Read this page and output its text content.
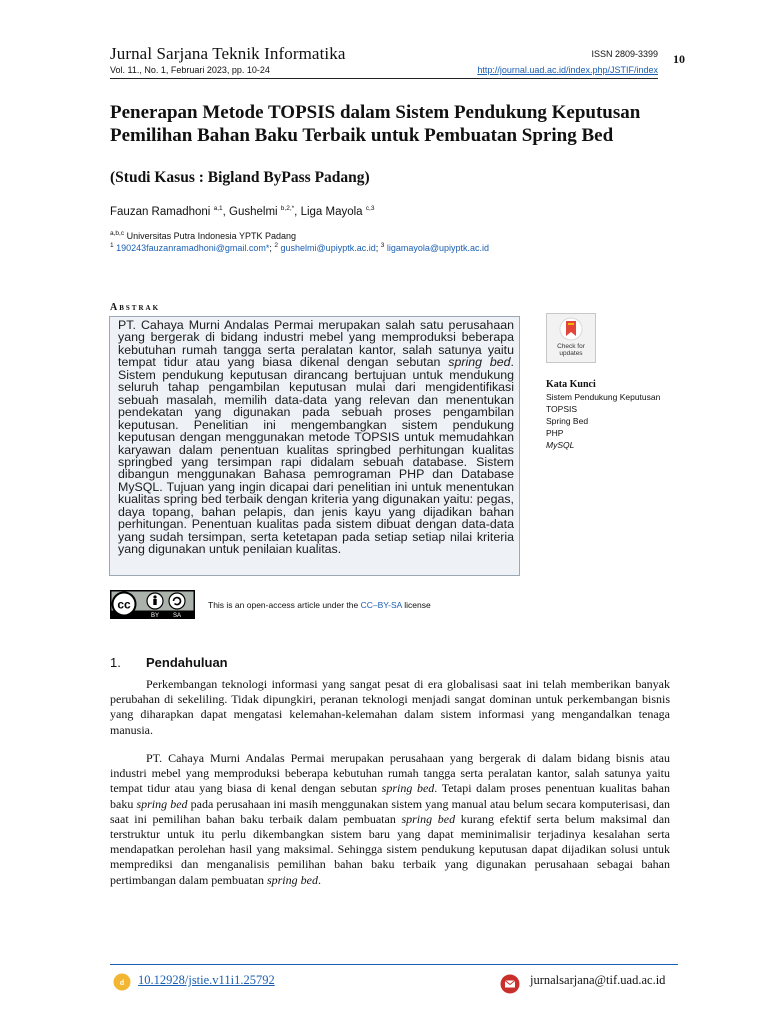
Jurnal Sarjana Teknik Informatika
Vol. 11., No. 1, Februari 2023, pp. 10-24
ISSN 2809-3399
http://journal.uad.ac.id/index.php/JSTIF/index
10
Penerapan Metode TOPSIS dalam Sistem Pendukung Keputusan Pemilihan Bahan Baku Terbaik untuk Pembuatan Spring Bed
(Studi Kasus : Bigland ByPass Padang)
Fauzan Ramadhoni $^{a,1}$, Gushelmi $^{b,2,*}$, Liga Mayola $^{c,3}$
$^{a,b,c}$ Universitas Putra Indonesia YPTK Padang
$^1$ 190243fauzanramadhoni@gmail.com*; $^2$ gushelmi@upiyptk.ac.id; $^3$ ligamayola@upiyptk.ac.id
Abstrak
PT. Cahaya Murni Andalas Permai merupakan salah satu perusahaan yang bergerak di bidang industri mebel yang memproduksi beberapa kebutuhan rumah tangga serta peralatan kantor, salah satunya yaitu tempat tidur atau yang biasa dikenal dengan sebutan spring bed. Sistem pendukung keputusan dirancang bertujuan untuk mendukung seluruh tahap pengambilan keputusan mulai dari mengidentifikasi sebuah masalah, memilih data-data yang relevan dan menentukan pendekatan yang digunakan pada sebuah proses pengambilan keputusan. Penelitian ini mengembangkan sistem pendukung keputusan dengan menggunakan metode TOPSIS untuk memudahkan karyawan dalam penentuan kualitas springbed perhitungan kualitas springbed yang tersimpan rapi didalam sebuah database. Sistem dibangun menggunakan Bahasa pemrograman PHP dan Database MySQL. Tujuan yang ingin dicapai dari penelitian ini untuk menentukan kualitas spring bed terbaik dengan kriteria yang digunakan yaitu: pegas, daya topang, bahan pelapis, dan jenis kayu yang dijadikan bahan perhitungan. Penentuan kualitas pada sistem dibuat dengan data-data yang sudah tersimpan, serta ketetapan pada setiap setiap nilai kriteria yang digunakan untuk penilaian kualitas.
Check for updates
Kata Kunci
Sistem Pendukung Keputusan
TOPSIS
Spring Bed
PHP
MySQL
cc
BY SA
This is an open-access article under the CC–BY-SA license
1. Pendahuluan
Perkembangan teknologi informasi yang sangat pesat di era globalisasi saat ini telah memberikan banyak perubahan di sekeliling. Tidak dipungkiri, peranan teknologi menjadi sangat dominan untuk perkembangan bisnis yang diharapkan dapat mengatasi kelemahan-kelemahan dalam sistem informasi yang mengandalkan tenaga manusia.
PT. Cahaya Murni Andalas Permai merupakan perusahaan yang bergerak di dalam bidang bisnis atau industri mebel yang memproduksi beberapa kebutuhan rumah tangga serta peralatan kantor, salah satunya yaitu tempat tidur atau yang biasa di kenal dengan sebutan spring bed. Tetapi dalam proses penentuan kualitas bahan baku spring bed pada perusahaan ini masih menggunakan sistem yang manual atau belum secara komputerisasi, dan saat ini pemilihan bahan baku terbaik dalam pembuatan spring bed kurang efektif serta belum maksimal dan terstruktur untuk itu perlu dikembangkan sistem baru yang dapat meminimalisir terjadinya kesalahan serta mendapatkan perolehan hasil yang maksimal. Sehingga sistem pendukung keputusan dapat dijadikan solusi untuk memprediksi dan menganalisis pemilihan bahan baku terbaik yang digunakan perusahaan sebagai bahan pertimbangan dalam pembuatan spring bed.
d 10.12928/jstie.v11i1.25792	jurnalsarjana@tif.uad.ac.id
